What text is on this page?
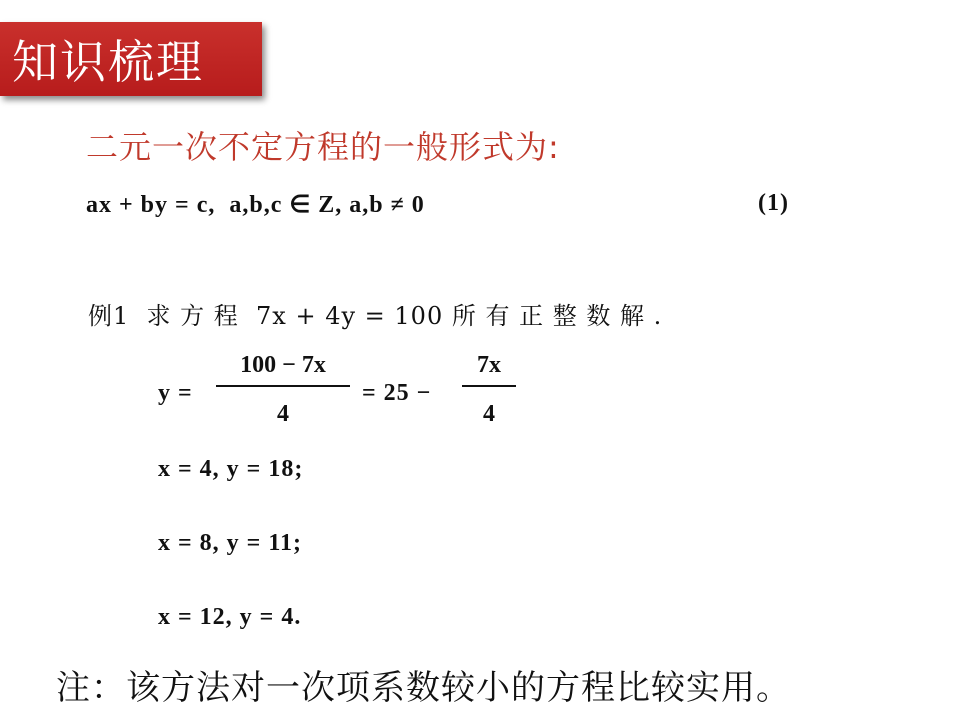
知识梳理
二元一次不定方程的一般形式为:
ax + by = c,  a,b,c ∈ Z, a,b ≠ 0	(1)
例1  求 方 程  7x + 4y = 100 所 有 正 整 数 解 .
y =
100 − 7x
4
= 25 −
7x
4
x = 4, y = 18;
x = 8, y = 11;
x = 12, y = 4.
注：该方法对一次项系数较小的方程比较实用。
